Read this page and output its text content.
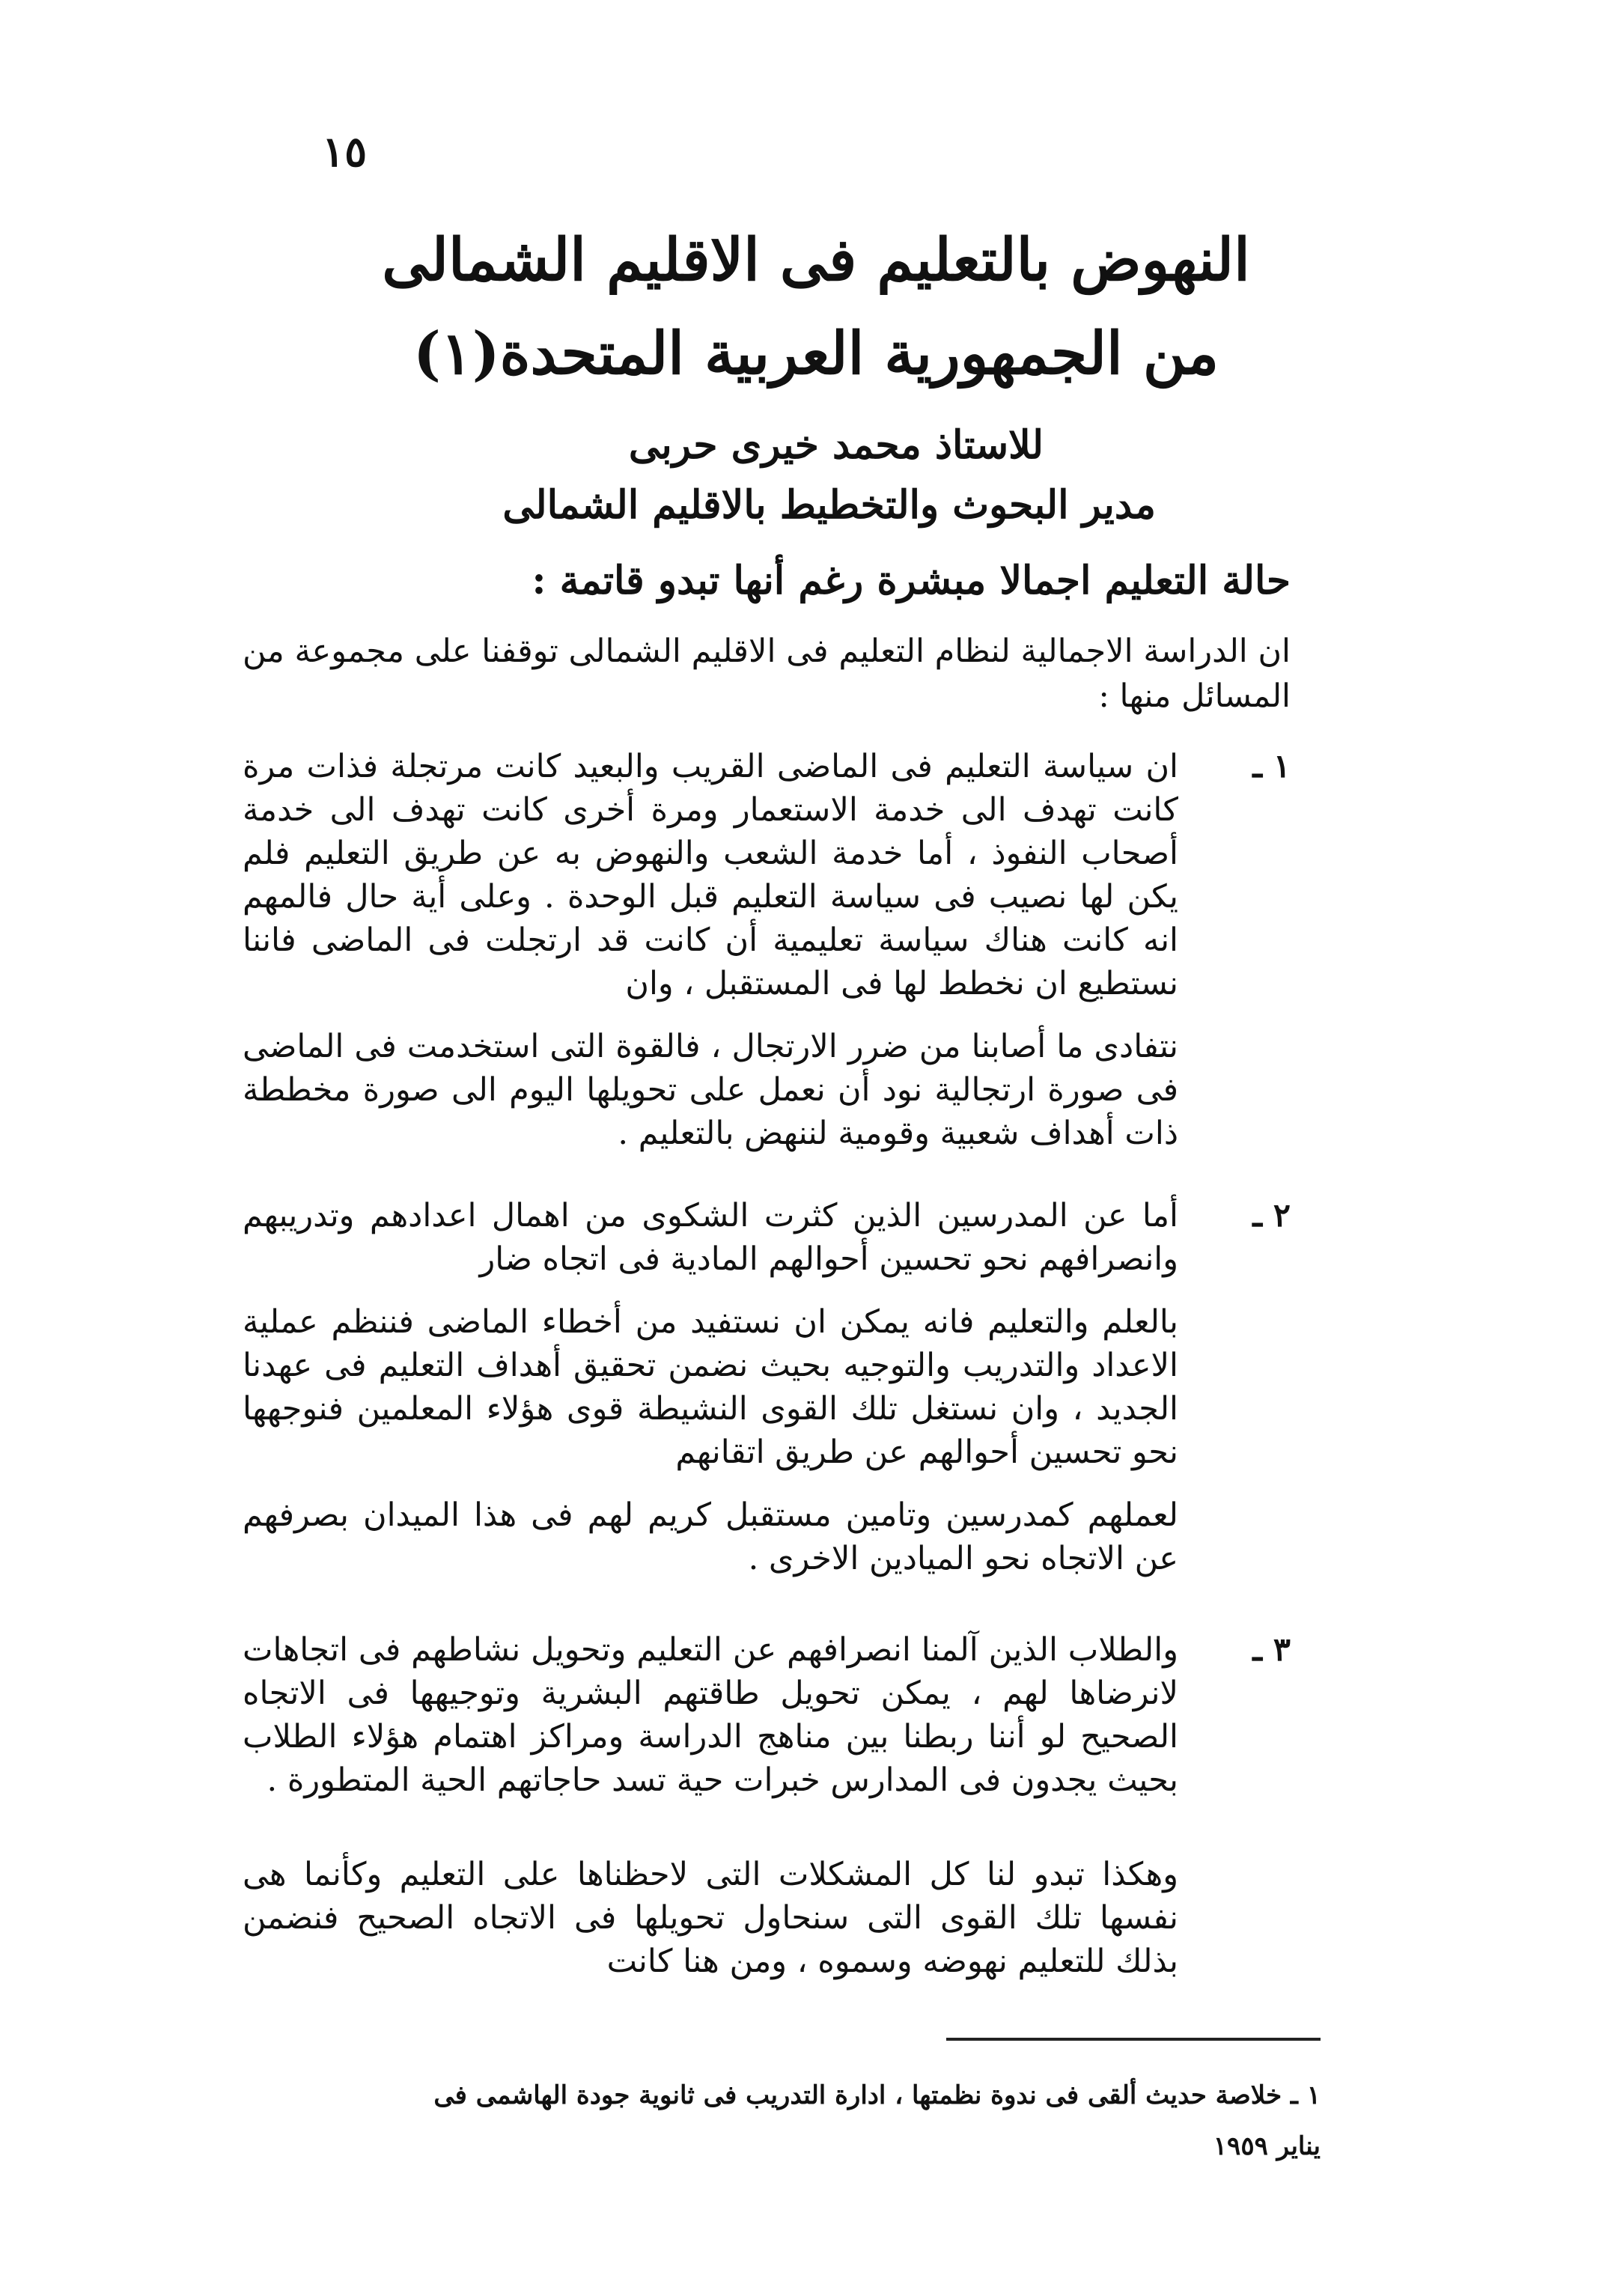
١٥
النهوض بالتعليم فى الاقليم الشمالى
من الجمهورية العربية المتحدة(١)
للاستاذ محمد خيرى حربى
مدير البحوث والتخطيط بالاقليم الشمالى
حالة التعليم اجمالا مبشرة رغم أنها تبدو قاتمة :
ان الدراسة الاجمالية لنظام التعليم فى الاقليم الشمالى توقفنا على مجموعة من المسائل منها :
١ ـ

ان سياسة التعليم فى الماضى القريب والبعيد كانت مرتجلة فذات مرة كانت تهدف الى خدمة الاستعمار ومرة أخرى كانت تهدف الى خدمة أصحاب النفوذ ، أما خدمة الشعب والنهوض به عن طريق التعليم فلم يكن لها نصيب فى سياسة التعليم قبل الوحدة . وعلى أية حال فالمهم انه كانت هناك سياسة تعليمية أن كانت قد ارتجلت فى الماضى فاننا نستطيع ان نخطط لها فى المستقبل ، وان

نتفادى ما أصابنا من ضرر الارتجال ، فالقوة التى استخدمت فى الماضى فى صورة ارتجالية نود أن نعمل على تحويلها اليوم الى صورة مخططة ذات أهداف شعبية وقومية لننهض بالتعليم .

٢ ـ

أما عن المدرسين الذين كثرت الشكوى من اهمال اعدادهم وتدريبهم وانصرافهم نحو تحسين أحوالهم المادية فى اتجاه ضار

بالعلم والتعليم فانه يمكن ان نستفيد من أخطاء الماضى فننظم عملية الاعداد والتدريب والتوجيه بحيث نضمن تحقيق أهداف التعليم فى عهدنا الجديد ، وان نستغل تلك القوى النشيطة قوى هؤلاء المعلمين فنوجهها نحو تحسين أحوالهم عن طريق اتقانهم

لعملهم كمدرسين وتامين مستقبل كريم لهم فى هذا الميدان بصرفهم عن الاتجاه نحو الميادين الاخرى .

٣ ـ

والطلاب الذين آلمنا انصرافهم عن التعليم وتحويل نشاطهم فى اتجاهات لانرضاها لهم ، يمكن تحويل طاقتهم البشرية وتوجيهها فى الاتجاه الصحيح لو أننا ربطنا بين مناهج الدراسة ومراكز اهتمام هؤلاء الطلاب بحيث يجدون فى المدارس خبرات حية تسد حاجاتهم الحية المتطورة .

وهكذا تبدو لنا كل المشكلات التى لاحظناها على التعليم وكأنما هى نفسها تلك القوى التى سنحاول تحويلها فى الاتجاه الصحيح فنضمن بذلك للتعليم نهوضه وسموه ، ومن هنا كانت

١ ـ خلاصة حديث ألقى فى ندوة نظمتها ، ادارة التدريب فى ثانوية جودة الهاشمى فى

يناير ١٩٥٩
